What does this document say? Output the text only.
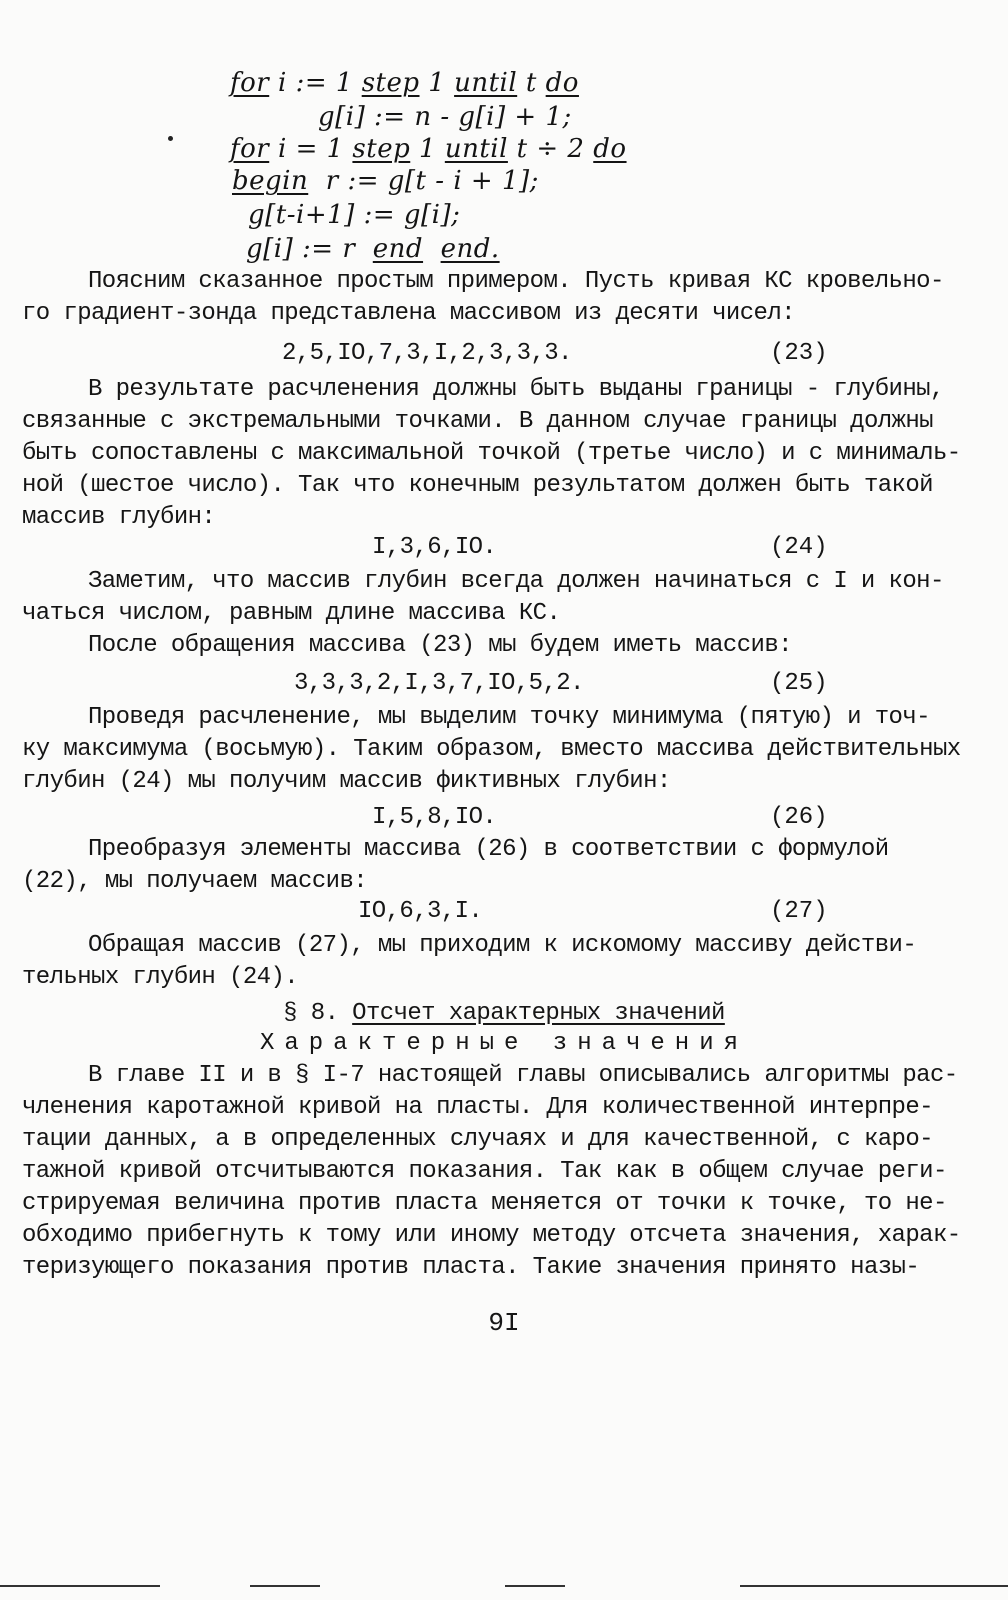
for i := 1 step 1 until t do
g[i] := n - g[i] + 1;
for i = 1 step 1 until t ÷ 2 do
begin  r := g[t - i + 1];
g[t-i+1] := g[i];
g[i] := r  end end.
Поясним сказанное простым примером. Пусть кривая КС кровельно-
го градиент-зонда представлена массивом из десяти чисел:
2,5,IO,7,3,I,2,3,3,3.	(23)
В результате расчленения должны быть выданы границы - глубины,
связанные с экстремальными точками. В данном случае границы должны
быть сопоставлены с максимальной точкой (третье число) и с минималь-
ной (шестое число). Так что конечным результатом должен быть такой
массив глубин:
I,3,6,IO.	(24)
Заметим, что массив глубин всегда должен начинаться с I и кон-
чаться числом, равным длине массива КС.
После обращения массива (23) мы будем иметь массив:
3,3,3,2,I,3,7,IO,5,2.	(25)
Проведя расчленение, мы выделим точку минимума (пятую) и точ-
ку максимума (восьмую). Таким образом, вместо массива действительных
глубин (24) мы получим массив фиктивных глубин:
I,5,8,IO.	(26)
Преобразуя элементы массива (26) в соответствии с формулой
(22), мы получаем массив:
IO,6,3,I.	(27)
Обращая массив (27), мы приходим к искомому массиву действи-
тельных глубин (24).
§ 8. Отсчет характерных значений
Характерные значения
В главе II и в § I-7 настоящей главы описывались алгоритмы рас-
членения каротажной кривой на пласты. Для количественной интерпре-
тации данных, а в определенных случаях и для качественной, с каро-
тажной кривой отсчитываются показания. Так как в общем случае реги-
стрируемая величина против пласта меняется от точки к точке, то не-
обходимо прибегнуть к тому или иному методу отсчета значения, харак-
теризующего показания против пласта. Такие значения принято назы-
9I
